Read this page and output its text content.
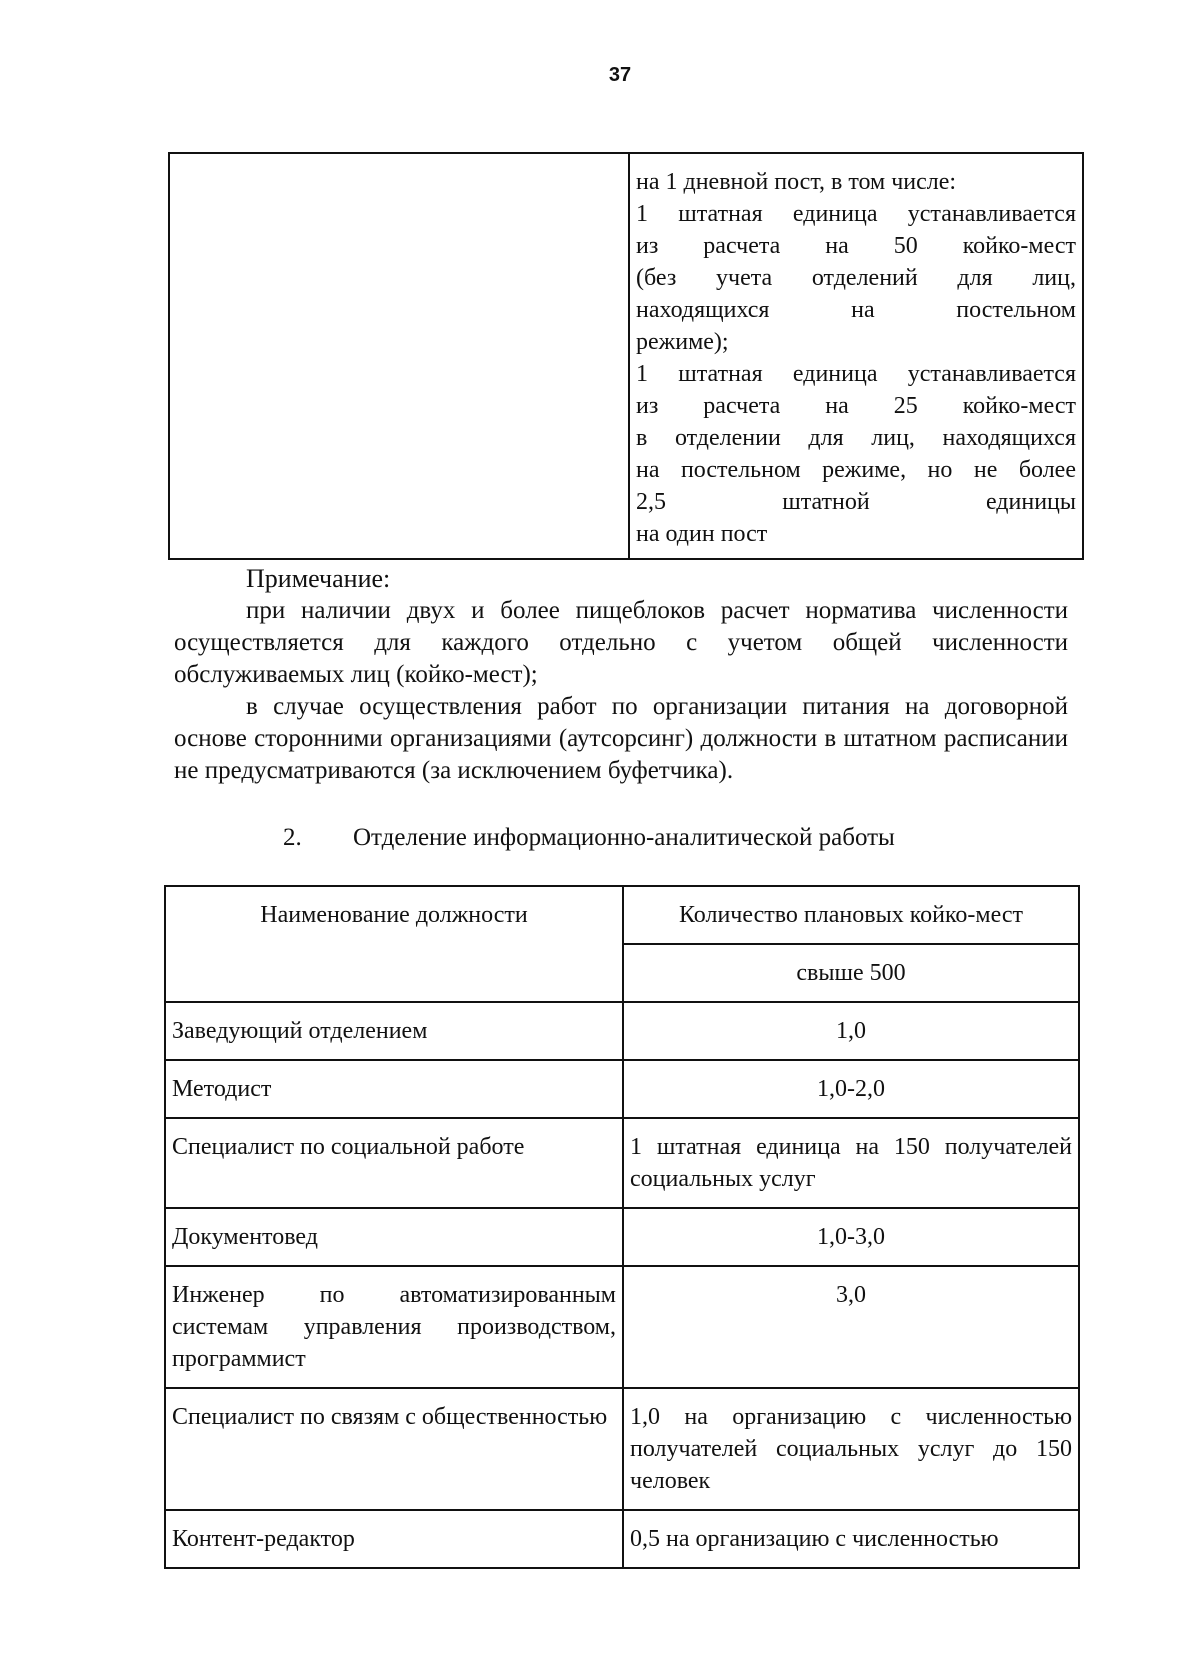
37

на 1 дневной пост, в том числе:
1 штатная единица устанавливается
из расчета на 50 койко-мест
(без учета отделений для лиц,
находящихся на постельном
режиме);
1 штатная единица устанавливается
из расчета на 25 койко-мест
в отделении для лиц, находящихся
на постельном режиме, но не более
2,5 штатной единицы
на один пост
Примечание:

при наличии двух и более пищеблоков расчет норматива численности осуществляется для каждого отдельно с учетом общей численности обслуживаемых лиц (койко-мест);

в случае осуществления работ по организации питания на договорной основе сторонними организациями (аутсорсинг) должности в штатном расписании не предусматриваются (за исключением буфетчика).

2. Отделение информационно-аналитической работы
Наименование должности	Количество плановых койко-мест
	свыше 500
Заведующий отделением	1,0
Методист	1,0-2,0
Специалист по социальной работе	1 штатная единица на 150 получателей социальных услуг
Документовед	1,0-3,0
Инженер по автоматизированным системам управления производством, программист	3,0
Специалист по связям с общественностью	1,0 на организацию с численностью получателей социальных услуг до 150 человек
Контент-редактор	0,5 на организацию с численностью
